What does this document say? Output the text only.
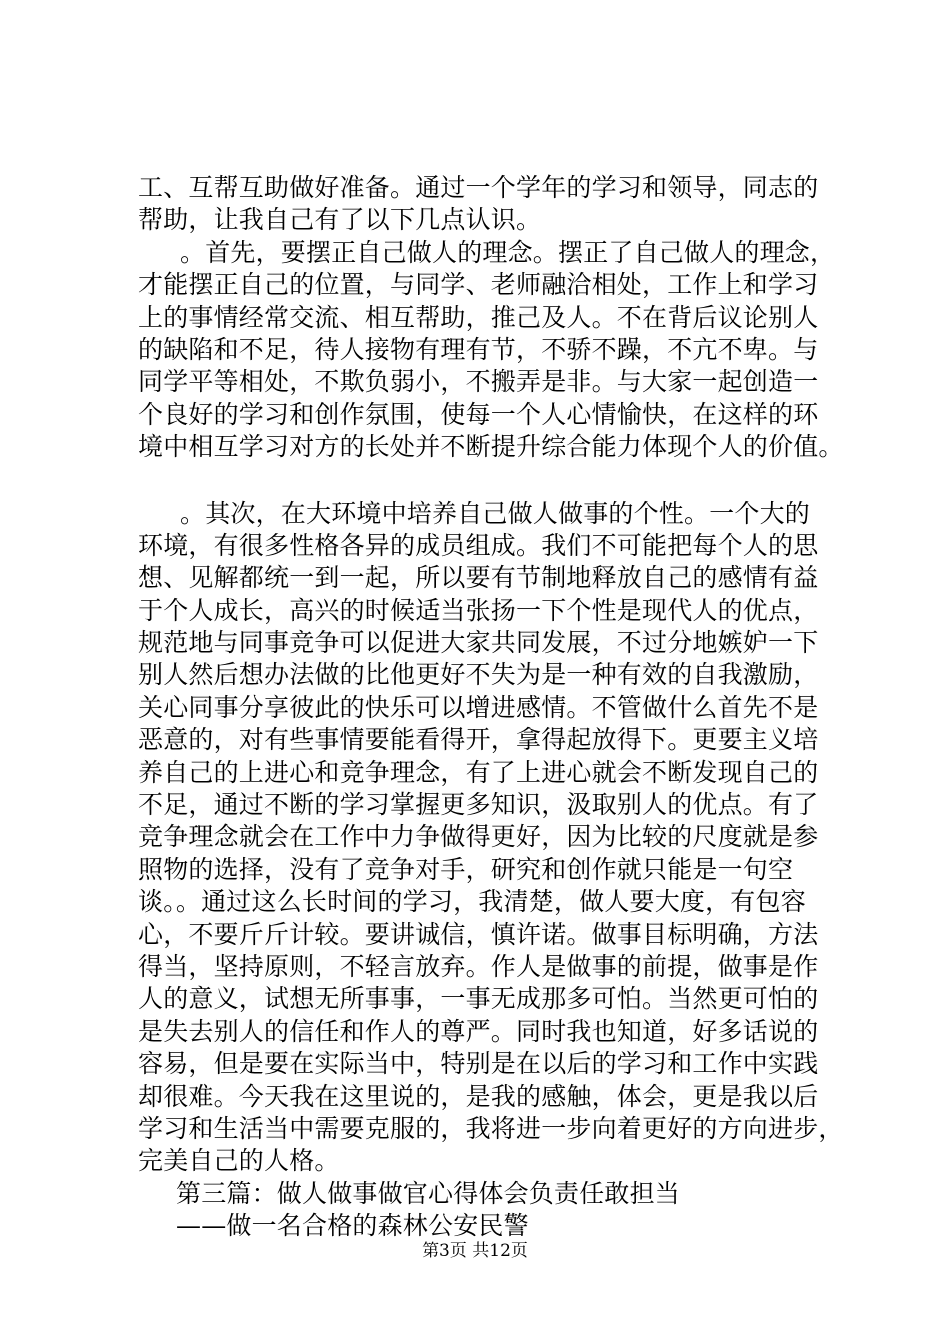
工、互帮互助做好准备。通过一个学年的学习和领导，同志的
帮助，让我自己有了以下几点认识。
。首先，要摆正自己做人的理念。摆正了自己做人的理念，
才能摆正自己的位置，与同学、老师融洽相处，工作上和学习
上的事情经常交流、相互帮助，推己及人。不在背后议论别人
的缺陷和不足，待人接物有理有节，不骄不躁，不亢不卑。与
同学平等相处，不欺负弱小，不搬弄是非。与大家一起创造一
个良好的学习和创作氛围，使每一个人心情愉快，在这样的环
境中相互学习对方的长处并不断提升综合能力体现个人的价值。
。其次，在大环境中培养自己做人做事的个性。一个大的
环境，有很多性格各异的成员组成。我们不可能把每个人的思
想、见解都统一到一起，所以要有节制地释放自己的感情有益
于个人成长，高兴的时候适当张扬一下个性是现代人的优点，
规范地与同事竞争可以促进大家共同发展，不过分地嫉妒一下
别人然后想办法做的比他更好不失为是一种有效的自我激励，
关心同事分享彼此的快乐可以增进感情。不管做什么首先不是
恶意的，对有些事情要能看得开，拿得起放得下。更要主义培
养自己的上进心和竞争理念，有了上进心就会不断发现自己的
不足，通过不断的学习掌握更多知识，汲取别人的优点。有了
竞争理念就会在工作中力争做得更好，因为比较的尺度就是参
照物的选择，没有了竞争对手，研究和创作就只能是一句空
谈。。通过这么长时间的学习，我清楚，做人要大度，有包容
心，不要斤斤计较。要讲诚信，慎许诺。做事目标明确，方法
得当，坚持原则，不轻言放弃。作人是做事的前提，做事是作
人的意义，试想无所事事，一事无成那多可怕。当然更可怕的
是失去别人的信任和作人的尊严。同时我也知道，好多话说的
容易，但是要在实际当中，特别是在以后的学习和工作中实践
却很难。今天我在这里说的，是我的感触，体会，更是我以后
学习和生活当中需要克服的，我将进一步向着更好的方向进步，
完美自己的人格。
第三篇：做人做事做官心得体会负责任敢担当
——做一名合格的森林公安民警
第3页 共12页
